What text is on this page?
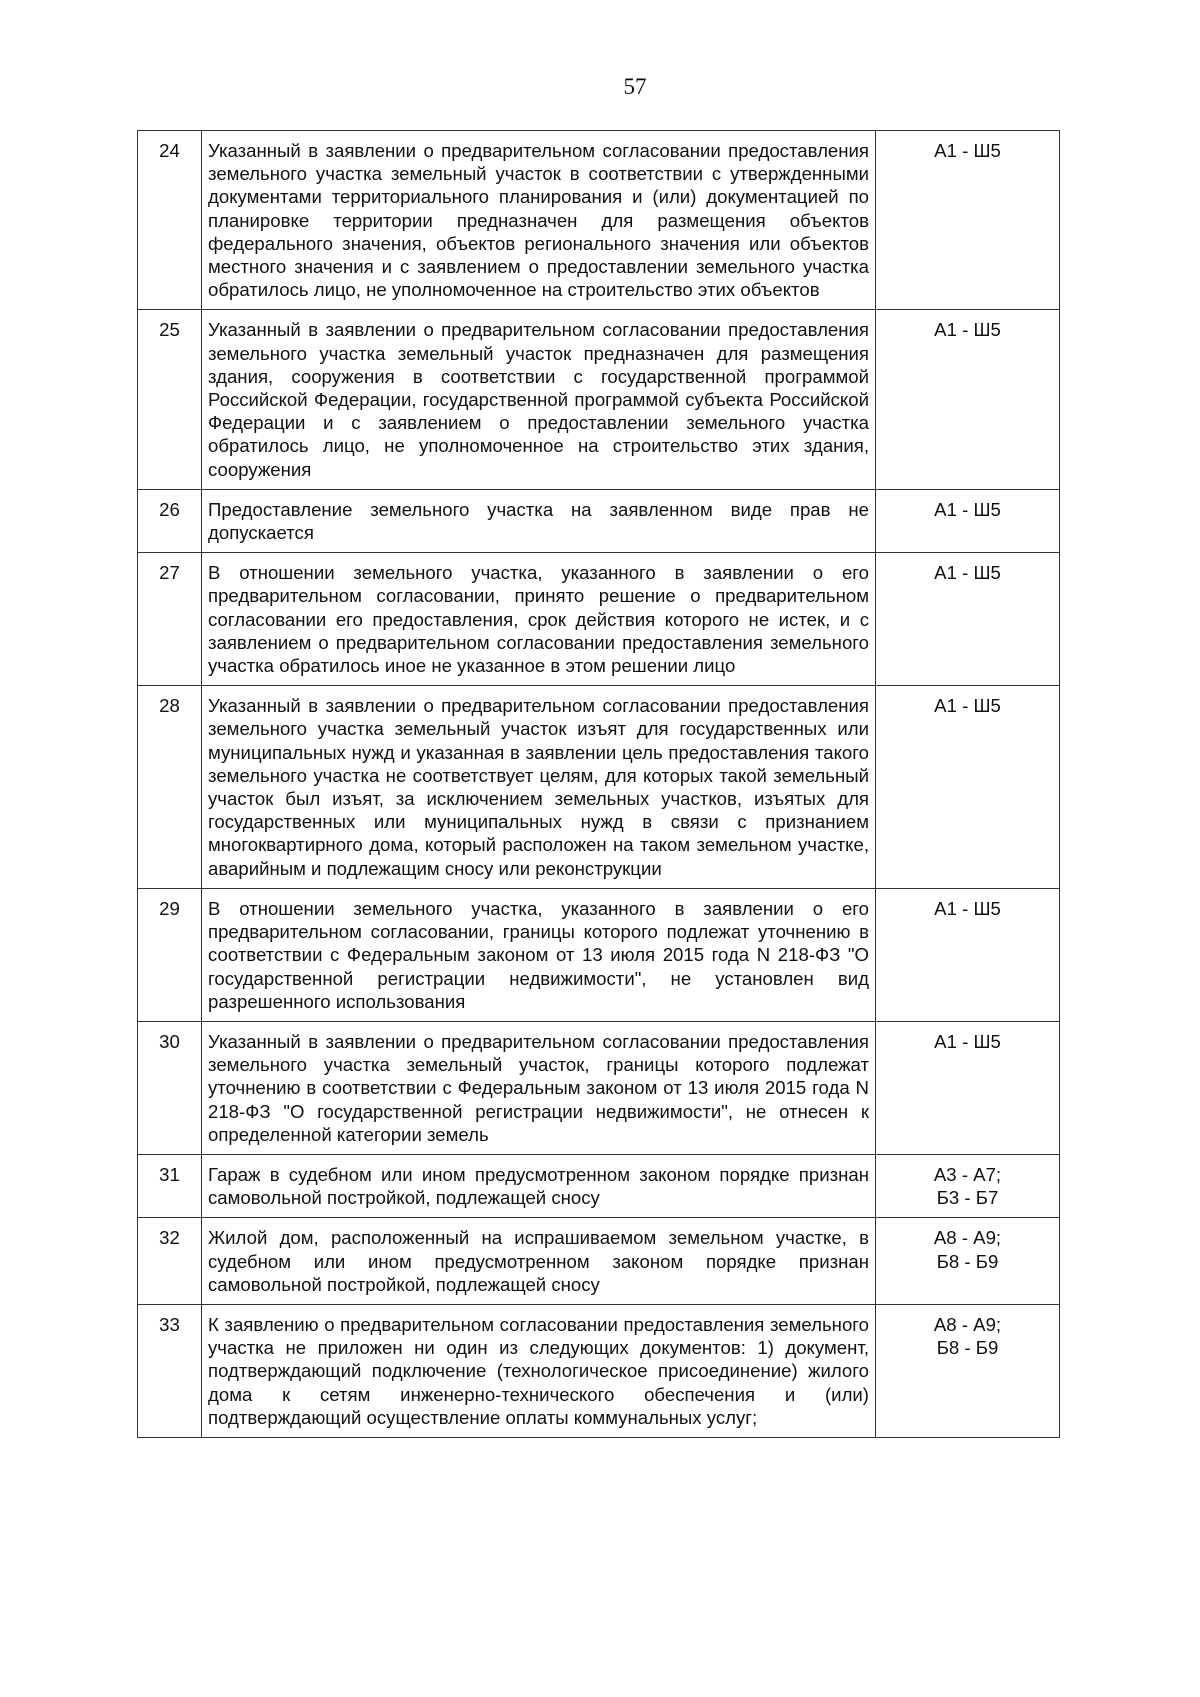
57
24	Указанный в заявлении о предварительном согласовании предоставления земельного участка земельный участок в соответствии с утвержденными документами территориального планирования и (или) документацией по планировке территории предназначен для размещения объектов федерального значения, объектов регионального значения или объектов местного значения и с заявлением о предоставлении земельного участка обратилось лицо, не уполномоченное на строительство этих объектов	А1 - Ш5

25	Указанный в заявлении о предварительном согласовании предоставления земельного участка земельный участок предназначен для размещения здания, сооружения в соответствии с государственной программой Российской Федерации, государственной программой субъекта Российской Федерации и с заявлением о предоставлении земельного участка обратилось лицо, не уполномоченное на строительство этих здания, сооружения	А1 - Ш5

26	Предоставление земельного участка на заявленном виде прав не допускается	А1 - Ш5

27	В отношении земельного участка, указанного в заявлении о его предварительном согласовании, принято решение о предварительном согласовании его предоставления, срок действия которого не истек, и с заявлением о предварительном согласовании предоставления земельного участка обратилось иное не указанное в этом решении лицо	А1 - Ш5

28	Указанный в заявлении о предварительном согласовании предоставления земельного участка земельный участок изъят для государственных или муниципальных нужд и указанная в заявлении цель предоставления такого земельного участка не соответствует целям, для которых такой земельный участок был изъят, за исключением земельных участков, изъятых для государственных или муниципальных нужд в связи с признанием многоквартирного дома, который расположен на таком земельном участке, аварийным и подлежащим сносу или реконструкции	А1 - Ш5

29	В отношении земельного участка, указанного в заявлении о его предварительном согласовании, границы которого подлежат уточнению в соответствии с Федеральным законом от 13 июля 2015 года N 218-ФЗ "О государственной регистрации недвижимости", не установлен вид разрешенного использования	А1 - Ш5

30	Указанный в заявлении о предварительном согласовании предоставления земельного участка земельный участок, границы которого подлежат уточнению в соответствии с Федеральным законом от 13 июля 2015 года N 218-ФЗ "О государственной регистрации недвижимости", не отнесен к определенной категории земель	А1 - Ш5

31	Гараж в судебном или ином предусмотренном законом порядке признан самовольной постройкой, подлежащей сносу	А3 - А7;
Б3 - Б7

32	Жилой дом, расположенный на испрашиваемом земельном участке, в судебном или ином предусмотренном законом порядке признан самовольной постройкой, подлежащей сносу	А8 - А9;
Б8 - Б9

33	К заявлению о предварительном согласовании предоставления земельного участка не приложен ни один из следующих документов: 1) документ, подтверждающий подключение (технологическое присоединение) жилого дома к сетям инженерно-технического обеспечения и (или) подтверждающий осуществление оплаты коммунальных услуг;	А8 - А9;
Б8 - Б9
